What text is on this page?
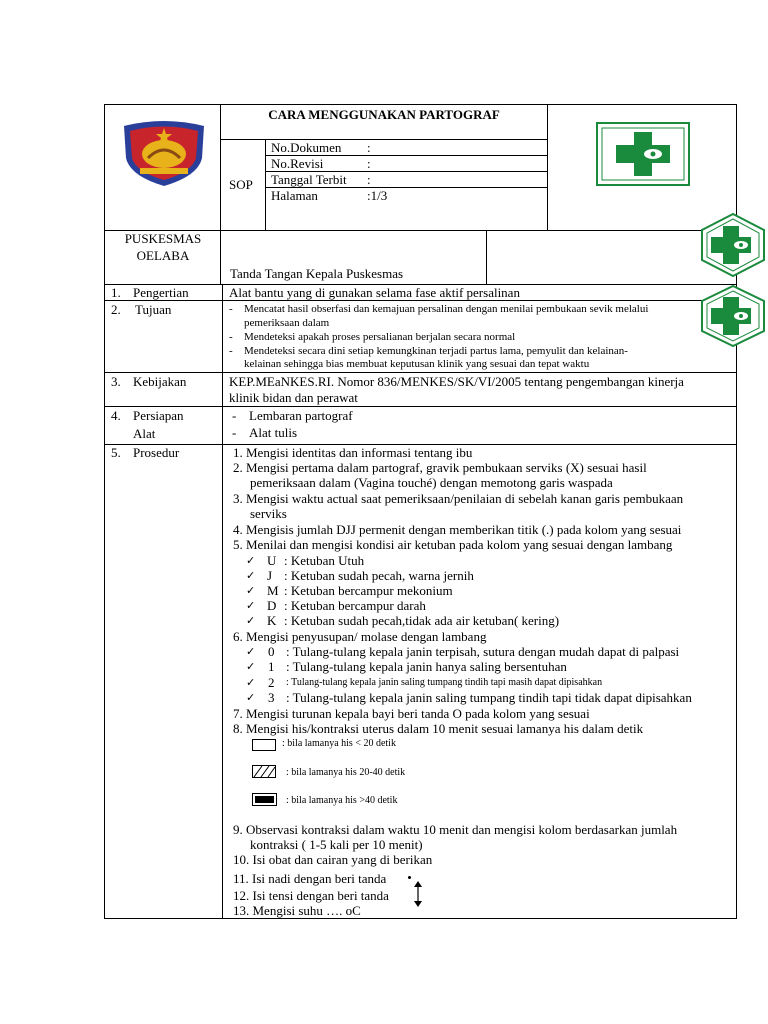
CARA MENGGUNAKAN PARTOGRAF
SOP
No.Dokumen :
No.Revisi	:
Tanggal Terbit :
Halaman	:1/3
PUSKESMAS
OELABA
Tanda Tangan Kepala Puskesmas
1. Pengertian	Alat bantu yang di gunakan selama fase aktif persalinan
2. Tujuan	- Mencatat hasil obserfasi dan kemajuan persalinan dengan menilai pembukaan sevik melalui
pemeriksaan dalam
- Mendeteksi apakah proses persalianan berjalan secara normal
- Mendeteksi secara dini setiap kemungkinan terjadi partus lama, pemyulit dan kelainan-
kelainan sehingga bias membuat keputusan klinik yang sesuai dan tepat waktu
3. Kebijakan	KEP.MEaNKES.RI. Nomor 836/MENKES/SK/VI/2005 tentang pengembangan kinerja
klinik bidan dan perawat
4. Persiapan
Alat
- Lembaran partograf
- Alat tulis
5. Prosedur	1. Mengisi identitas dan informasi tentang ibu
2. Mengisi pertama dalam partograf, gravik pembukaan serviks (X) sesuai hasil
pemeriksaan dalam (Vagina touché) dengan memotong garis waspada
3. Mengisi waktu actual saat pemeriksaan/penilaian di sebelah kanan garis pembukaan
serviks
4. Mengisis jumlah DJJ permenit dengan memberikan titik (.) pada kolom yang sesuai
5. Menilai dan mengisi kondisi air ketuban pada kolom yang sesuai dengan lambang
✓ U : Ketuban Utuh
✓ J : Ketuban sudah pecah, warna jernih
✓ M : Ketuban bercampur mekonium
✓ D : Ketuban bercampur darah
✓ K : Ketuban sudah pecah,tidak ada air ketuban( kering)
6. Mengisi penyusupan/ molase dengan lambang
✓ 0 : Tulang-tulang kepala janin terpisah, sutura dengan mudah dapat di palpasi
✓ 1 : Tulang-tulang kepala janin hanya saling bersentuhan
✓ 2 : Tulang-tulang kepala janin saling tumpang tindih tapi masih dapat dipisahkan
✓ 3 : Tulang-tulang kepala janin saling tumpang tindih tapi tidak dapat dipisahkan
7. Mengisi turunan kepala bayi beri tanda O pada kolom yang sesuai
8. Mengisi his/kontraksi uterus dalam 10 menit sesuai lamanya his dalam detik
: bila lamanya his < 20 detik
: bila lamanya his 20-40 detik
: bila lamanya his >40 detik
9. Observasi kontraksi dalam waktu 10 menit dan mengisi kolom berdasarkan jumlah
kontraksi ( 1-5 kali per 10 menit)
10. Isi obat dan cairan yang di berikan
11. Isi nadi dengan beri tanda
12. Isi tensi dengan beri tanda
13. Mengisi suhu …. oC
